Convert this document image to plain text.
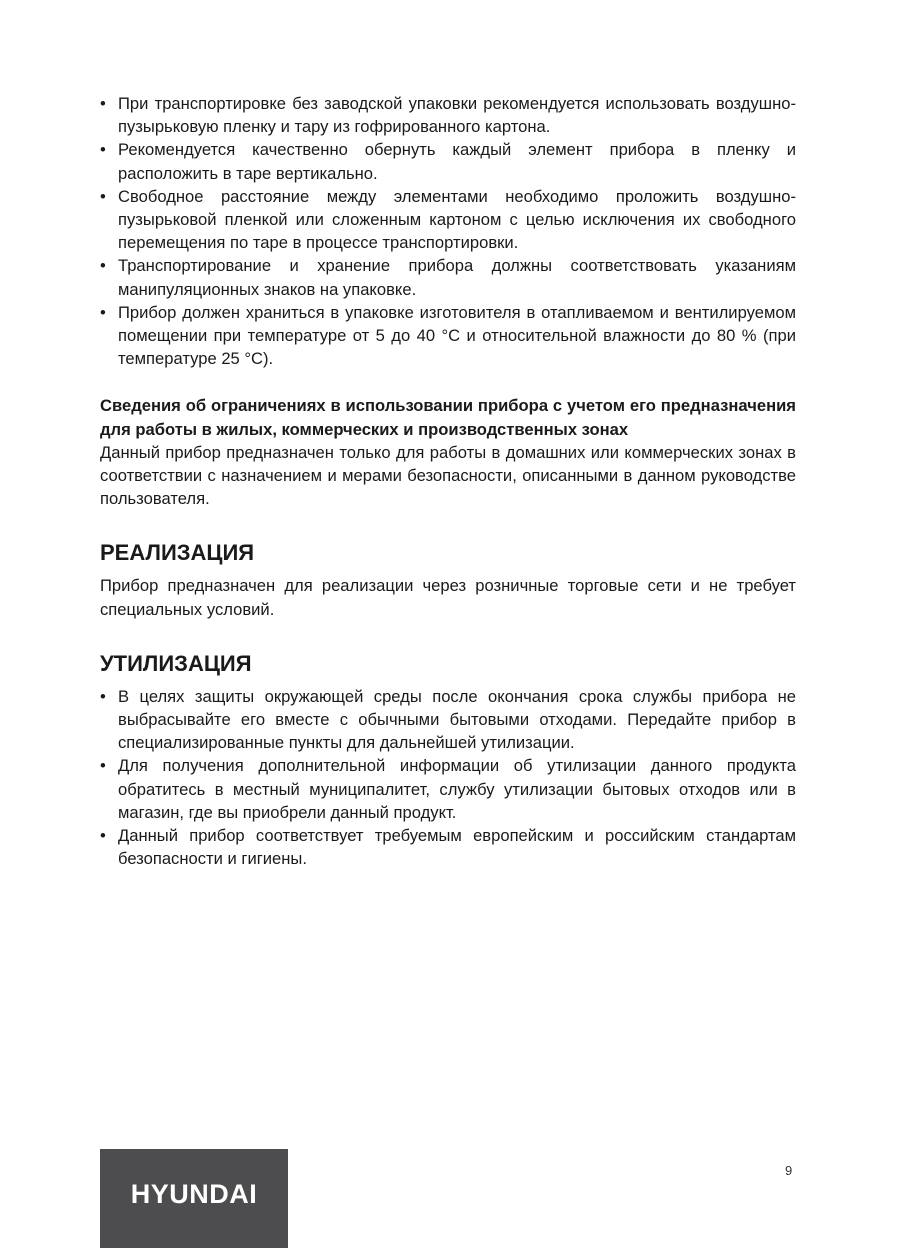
• При транспортировке без заводской упаковки рекомендуется использовать воздушно-пузырьковую пленку и тару из гофрированного картона.
• Рекомендуется качественно обернуть каждый элемент прибора в пленку и расположить в таре вертикально.
• Свободное расстояние между элементами необходимо проложить воздушно-пузырьковой пленкой или сложенным картоном с целью исключения их свободного перемещения по таре в процессе транспортировки.
• Транспортирование и хранение прибора должны соответствовать указаниям манипуляционных знаков на упаковке.
• Прибор должен храниться в упаковке изготовителя в отапливаемом и вентилируемом помещении при температуре от 5 до 40 °С и относительной влажности до 80 % (при температуре 25 °С).
Сведения об ограничениях в использовании прибора с учетом его предназначения для работы в жилых, коммерческих и производственных зонах

Данный прибор предназначен только для работы в домашних или коммерческих зонах в соответствии с назначением и мерами безопасности, описанными в данном руководстве пользователя.

РЕАЛИЗАЦИЯ

Прибор предназначен для реализации через розничные торговые сети и не требует специальных условий.

УТИЛИЗАЦИЯ
• В целях защиты окружающей среды после окончания срока службы прибора не выбрасывайте его вместе с обычными бытовыми отходами. Передайте прибор в специализированные пункты для дальнейшей утилизации.
• Для получения дополнительной информации об утилизации данного продукта обратитесь в местный муниципалитет, службу утилизации бытовых отходов или в магазин, где вы приобрели данный продукт.
• Данный прибор соответствует требуемым европейским и российским стандартам безопасности и гигиены.
HYUNDAI
9
